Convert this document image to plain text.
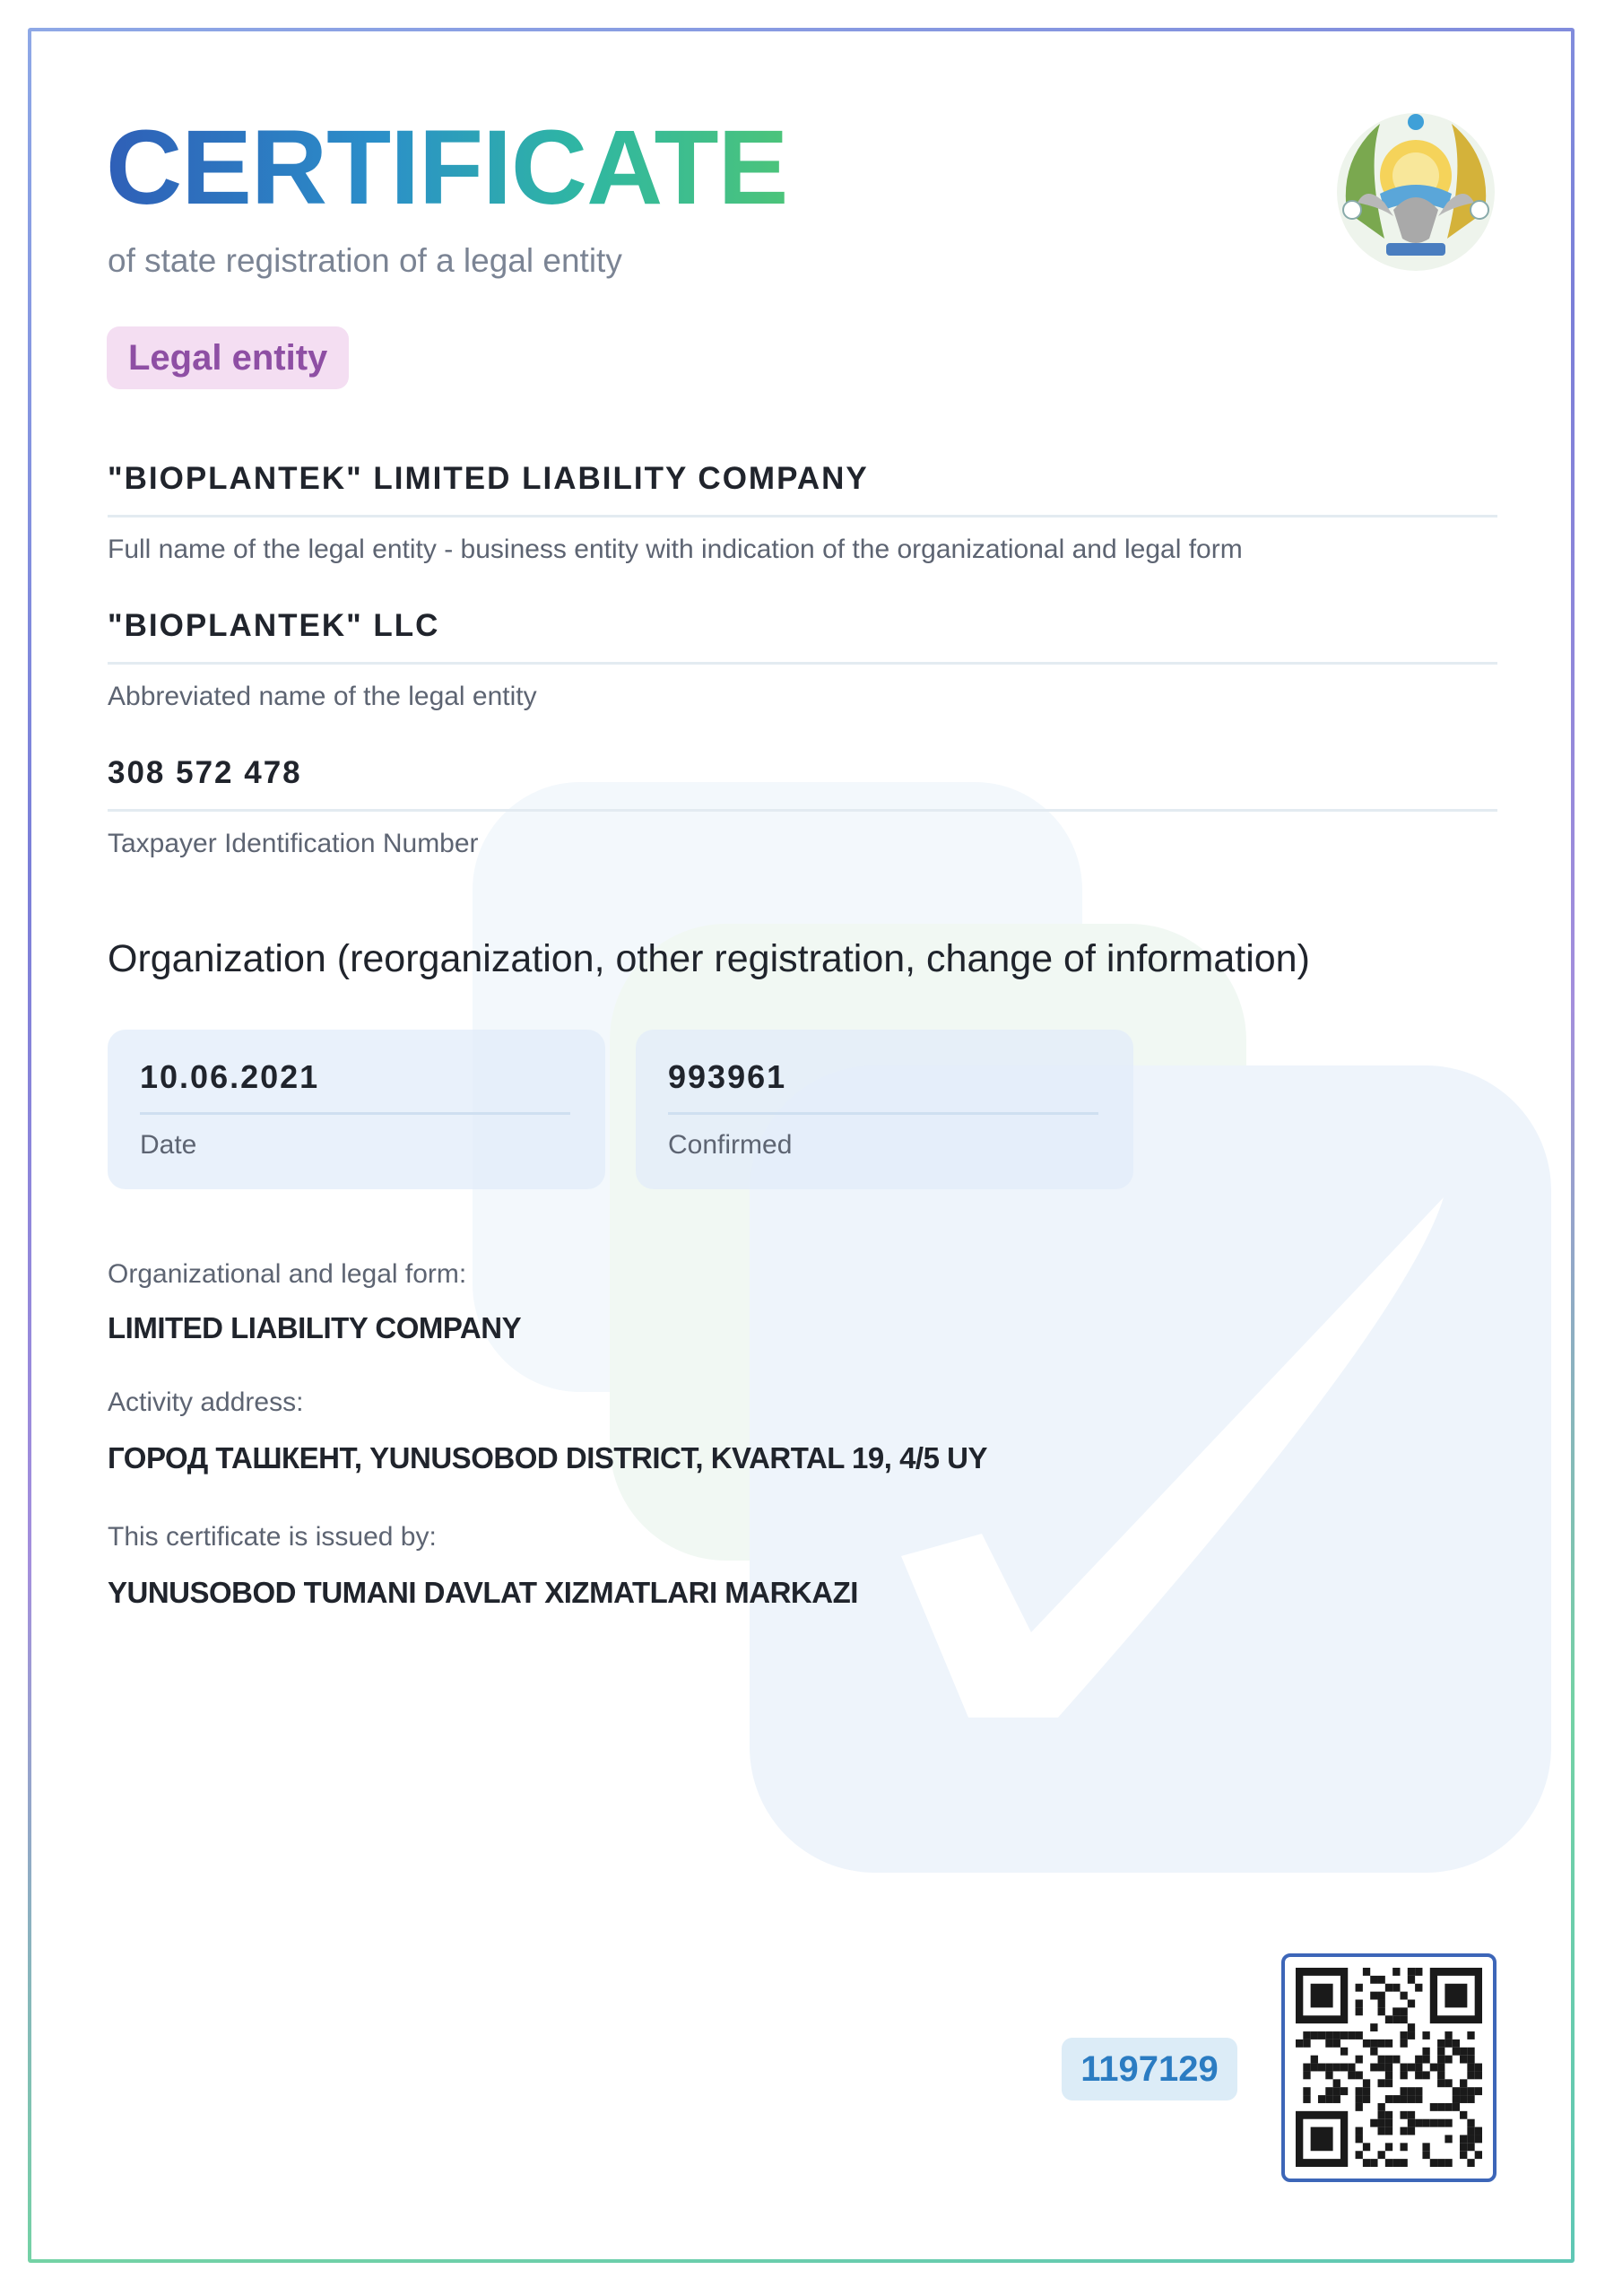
CERTIFICATE
of state registration of a legal entity
Legal entity
"BIOPLANTEK" LIMITED LIABILITY COMPANY
Full name of the legal entity - business entity with indication of the organizational and legal form
"BIOPLANTEK" LLC
Abbreviated name of the legal entity
308 572 478
Taxpayer Identification Number
Organization (reorganization, other registration, change of information)
10.06.2021
Date
993961
Confirmed
Organizational and legal form:
LIMITED LIABILITY COMPANY
Activity address:
ГОРОД ТАШКЕНТ, YUNUSOBOD DISTRICT, KVARTAL 19, 4/5 UY
This certificate is issued by:
YUNUSOBOD TUMANI DAVLAT XIZMATLARI MARKAZI
1197129
